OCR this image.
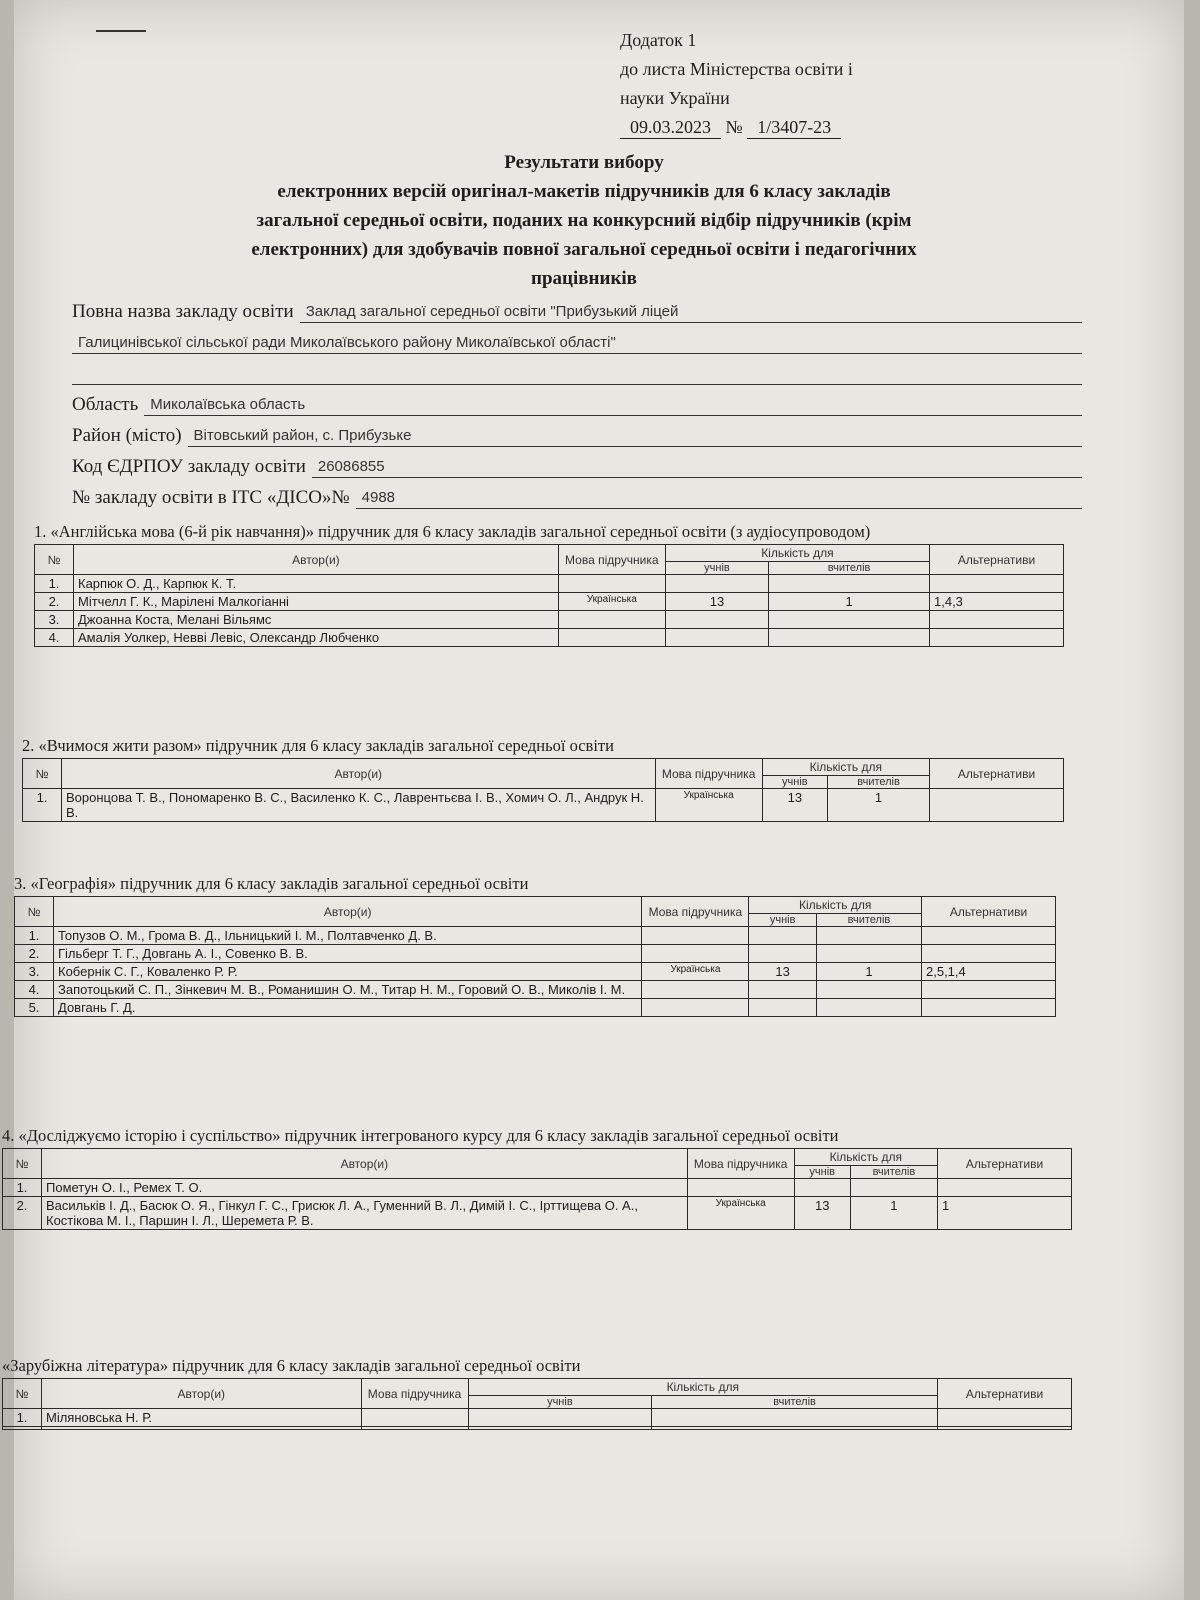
Додаток 1
до листа Міністерства освіти і
науки України
09.03.2023 № 1/3407-23
Результати вибору
електронних версій оригінал-макетів підручників для 6 класу закладів
загальної середньої освіти, поданих на конкурсний відбір підручників (крім
електронних) для здобувачів повної загальної середньої освіти і педагогічних
працівників
Повна назва закладу освіти Заклад загальної середньої освіти "Прибузький ліцей
Галицинівської сільської ради Миколаївського району Миколаївської області"
Область Миколаївська область
Район (місто) Вітовський район, с. Прибузьке
Код ЄДРПОУ закладу освіти 26086855
№ закладу освіти в ІТС «ДІСО»№ 4988
1. «Англійська мова (6-й рік навчання)» підручник для 6 класу закладів загальної середньої освіти (з аудіосупроводом)
№	Автор(и)	Мова підручника	Кількість для		Альтернативи
			учнів	вчителів	
1.	Карпюк О. Д., Карпюк К. Т.				
2.	Мітчелл Г. К., Марілені Малкогіанні	Українська	13	1	1,4,3
3.	Джоанна Коста, Мелані Вільямс				
4.	Амалія Уолкер, Невві Левіс, Олександр Любченко				
2. «Вчимося жити разом» підручник для 6 класу закладів загальної середньої освіти
№	Автор(и)	Мова підручника	Кількість для		Альтернативи
			учнів	вчителів	
1.	Воронцова Т. В., Пономаренко В. С., Василенко К. С., Лаврентьєва І. В., Хомич О. Л., Андрук Н. В.	Українська	13	1	
3. «Географія» підручник для 6 класу закладів загальної середньої освіти
№	Автор(и)	Мова підручника	Кількість для		Альтернативи
			учнів	вчителів	
1.	Топузов О. М., Грома В. Д., Ільницький І. М., Полтавченко Д. В.				
2.	Гільберг Т. Г., Довгань А. І., Совенко В. В.				
3.	Кобернік С. Г., Коваленко Р. Р.	Українська	13	1	2,5,1,4
4.	Запотоцький С. П., Зінкевич М. В., Романишин О. М., Титар Н. М., Горовий О. В., Миколів І. М.				
5.	Довгань Г. Д.				
4. «Досліджуємо історію і суспільство» підручник інтегрованого курсу для 6 класу закладів загальної середньої освіти
№	Автор(и)	Мова підручника	Кількість для		Альтернативи
			учнів	вчителів	
1.	Пометун О. І., Ремех Т. О.				
2.	Васильків І. Д., Басюк О. Я., Гінкул Г. С., Грисюк Л. А., Гуменний В. Л., Димій І. С., Ірттищева О. А., Костікова М. І., Паршин І. Л., Шеремета Р. В.	Українська	13	1	1
«Зарубіжна література» підручник для 6 класу закладів загальної середньої освіти
№	Автор(и)	Мова підручника	Кількість для		Альтернативи
			учнів	вчителів	
1.	Міляновська Н. Р.				
